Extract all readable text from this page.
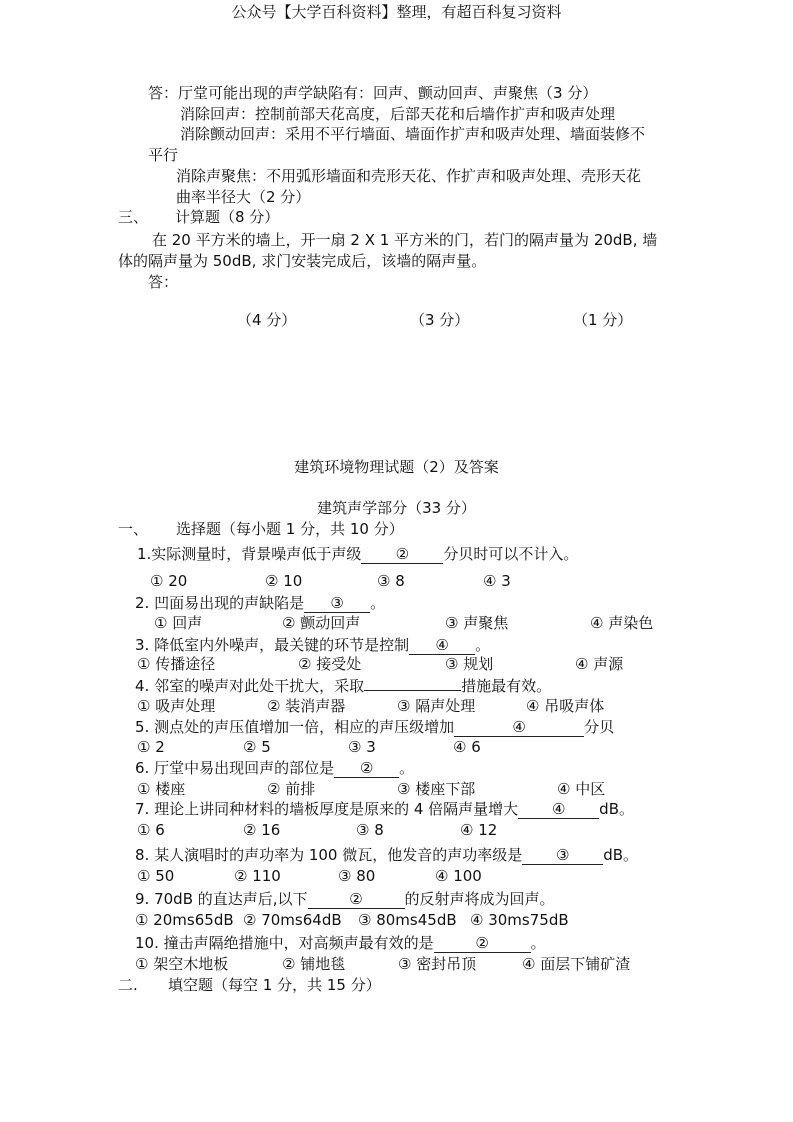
公众号【大学百科资料】整理，有超百科复习资料
答：厅堂可能出现的声学缺陷有：回声、颤动回声、声聚焦（3 分）
消除回声：控制前部天花高度，后部天花和后墙作扩声和吸声处理
消除颤动回声：采用不平行墙面、墙面作扩声和吸声处理、墙面装修不
平行
消除声聚焦：不用弧形墙面和壳形天花、作扩声和吸声处理、壳形天花
曲率半径大（2 分）
三、 计算题（8 分）
在 20 平方米的墙上，开一扇 2 X 1 平方米的门，若门的隔声量为 20dB, 墙
体的隔声量为 50dB, 求门安装完成后，该墙的隔声量。
答：
（4 分）	（3 分）	（1 分）
建筑环境物理试题（2）及答案
建筑声学部分（33 分）
一、 选择题（每小题 1 分，共 10 分）
1.实际测量时，背景噪声低于声级 ② 分贝时可以不计入。
① 20	② 10	③ 8	④ 3
2. 凹面易出现的声缺陷是 ③ 。
① 回声	② 颤动回声	③ 声聚焦	④ 声染色
3. 降低室内外噪声，最关键的环节是控制 ④ 。
① 传播途径	② 接受处	③ 规划	④ 声源
4. 邻室的噪声对此处干扰大，采取	措施最有效。
① 吸声处理	② 装消声器	③ 隔声处理	④ 吊吸声体
5. 测点处的声压值增加一倍，相应的声压级增加	④	分贝
① 2	② 5	③ 3	④ 6
6. 厅堂中易出现回声的部位是 ② 。
① 楼座	② 前排	③ 楼座下部	④ 中区
7. 理论上讲同种材料的墙板厚度是原来的 4 倍隔声量增大 ④ dB。
① 6	② 16	③ 8	④ 12
8. 某人演唱时的声功率为 100 微瓦，他发音的声功率级是 ③ dB。
① 50	② 110	③ 80	④ 100
9. 70dB 的直达声后,以下	②	的反射声将成为回声。
① 20ms65dB ② 70ms64dB ③ 80ms45dB ④ 30ms75dB
10. 撞击声隔绝措施中，对高频声最有效的是	②	。
① 架空木地板	② 铺地毯	③ 密封吊顶	④ 面层下铺矿渣
二. 填空题（每空 1 分，共 15 分）
